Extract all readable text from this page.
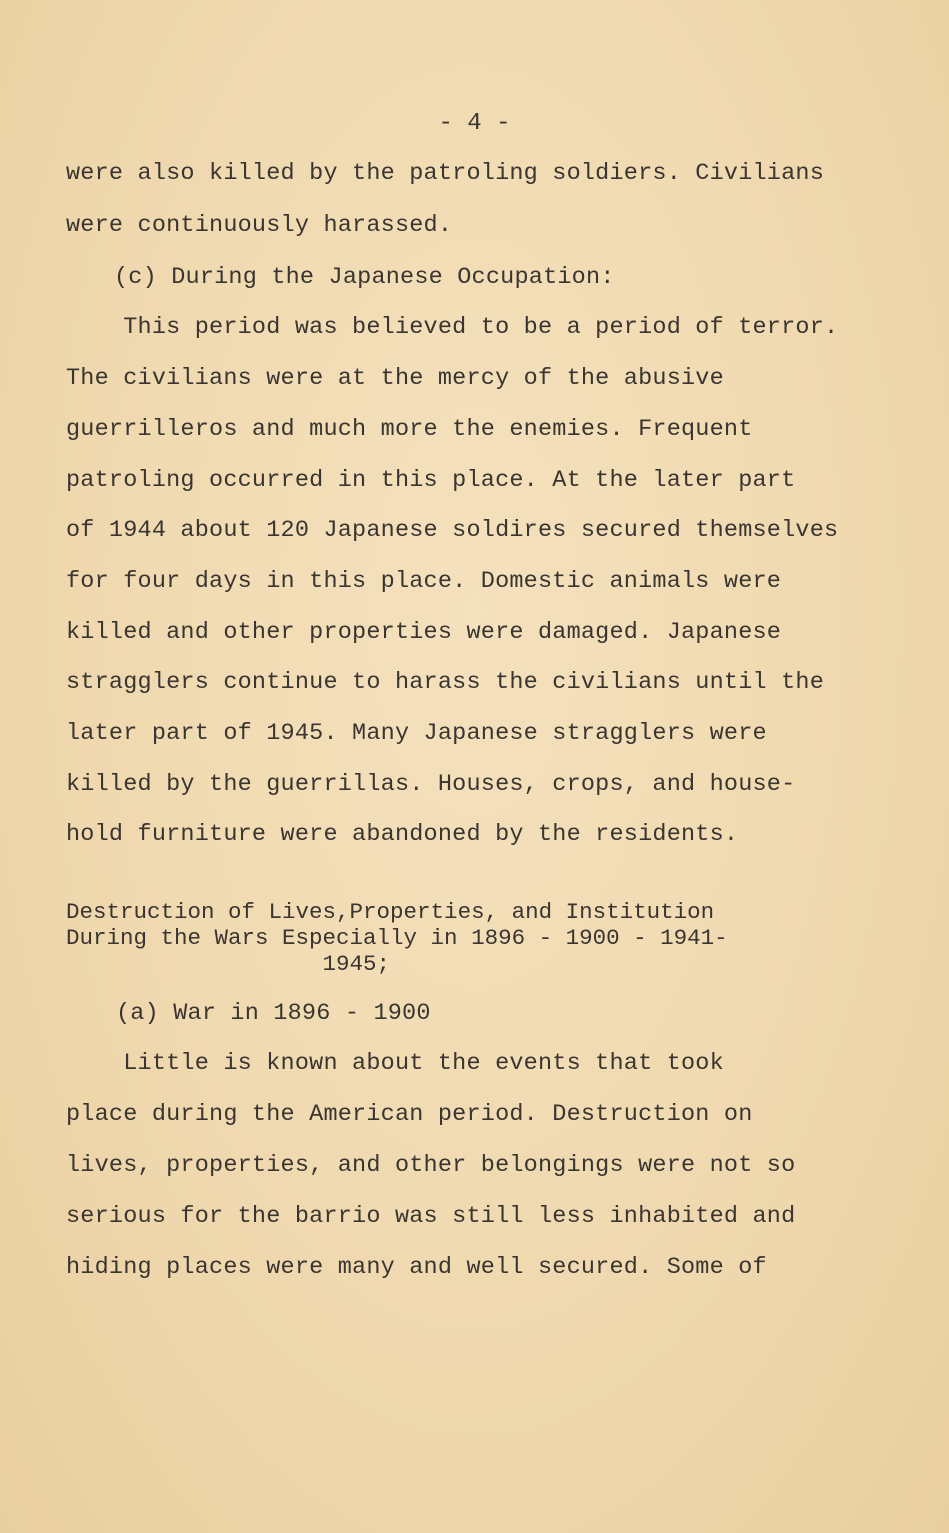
- 4 -
were also killed by the patroling soldiers. Civilians
were continuously harassed.
(c) During the Japanese Occupation:
This period was believed to be a period of terror.
The civilians were at the mercy of the abusive
guerrilleros and much more the enemies. Frequent
patroling occurred in this place. At the later part
of 1944 about 120 Japanese soldires secured themselves
for four days in this place. Domestic animals were
killed and other properties were damaged. Japanese
stragglers continue to harass the civilians until the
later part of 1945. Many Japanese stragglers were
killed by the guerrillas. Houses, crops, and house-
hold furniture were abandoned by the residents.
Destruction of Lives,Properties, and Institution
During the Wars Especially in 1896 - 1900 - 1941-
1945;
(a) War in 1896 - 1900
Little is known about the events that took
place during the American period. Destruction on
lives, properties, and other belongings were not so
serious for the barrio was still less inhabited and
hiding places were many and well secured. Some of
